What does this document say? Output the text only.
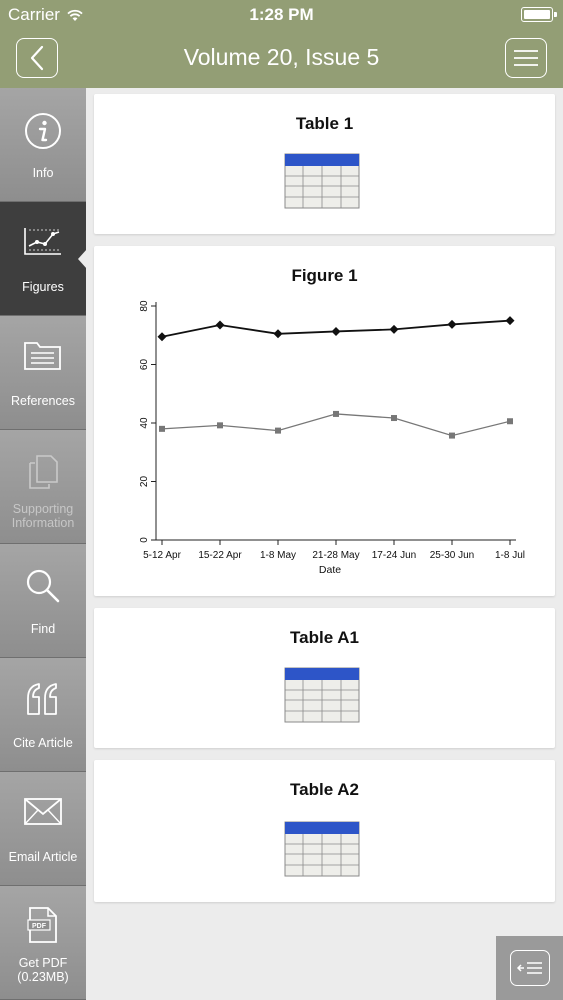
Carrier	1:28 PM
Volume 20, Issue 5
Info
Figures
References
Supporting
Information
Find
Cite Article
Email Article
PDF
Get PDF
(0.23MB)
Table 1
Figure 1
0
20
40
60
80
5-12 Apr 15-22 Apr 1-8 May 21-28 May 17-24 Jun 25-30 Jun 1-8 Jul
Date
Table A1
Table A2
